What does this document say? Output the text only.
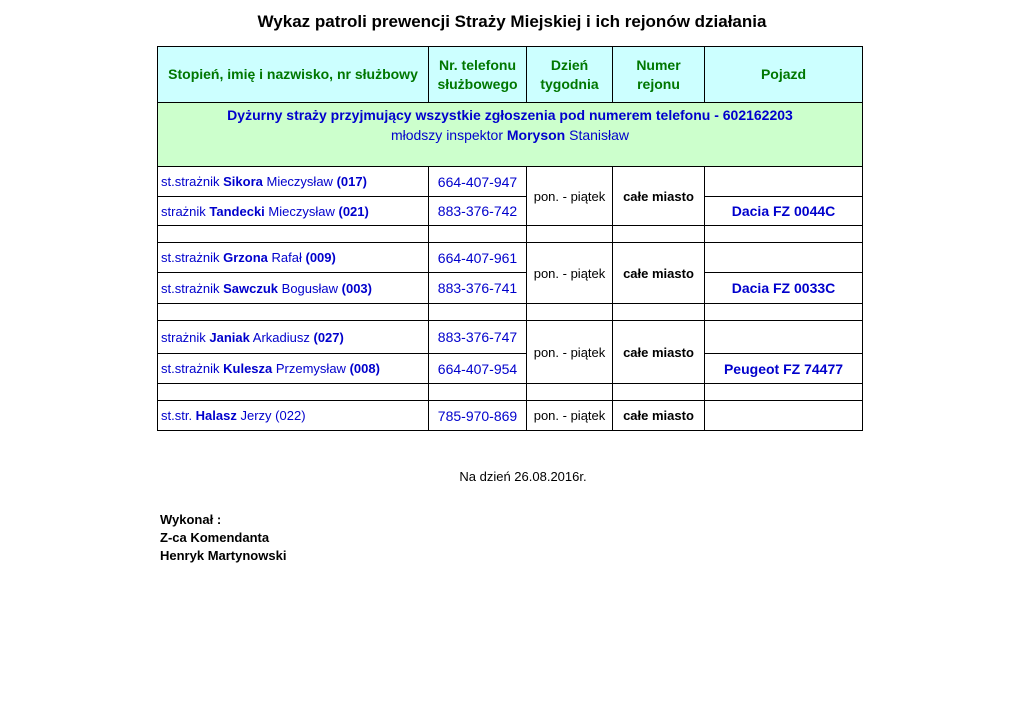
Wykaz patroli prewencji Straży Miejskiej i ich rejonów działania
Stopień, imię i nazwisko, nr służbowy	Nr. telefonu służbowego	Dzień tygodnia	Numer rejonu	Pojazd

Dyżurny straży przyjmujący wszystkie zgłoszenia pod numerem telefonu - 602162203
młodszy inspektor Moryson Stanisław				

st.strażnik Sikora Mieczysław (017)	664-407-947	pon. - piątek	całe miasto	
strażnik Tandecki Mieczysław (021)	883-376-742			Dacia FZ 0044C

st.strażnik Grzona Rafał (009)	664-407-961	pon. - piątek	całe miasto	
st.strażnik Sawczuk Bogusław (003)	883-376-741			Dacia FZ 0033C

strażnik Janiak Arkadiusz (027)	883-376-747	pon. - piątek	całe miasto	
st.strażnik Kulesza Przemysław (008)	664-407-954			Peugeot FZ 74477

st.str. Halasz Jerzy (022)	785-970-869	pon. - piątek	całe miasto	
Na dzień 26.08.2016r.
Wykonał :
Z-ca Komendanta
Henryk Martynowski
